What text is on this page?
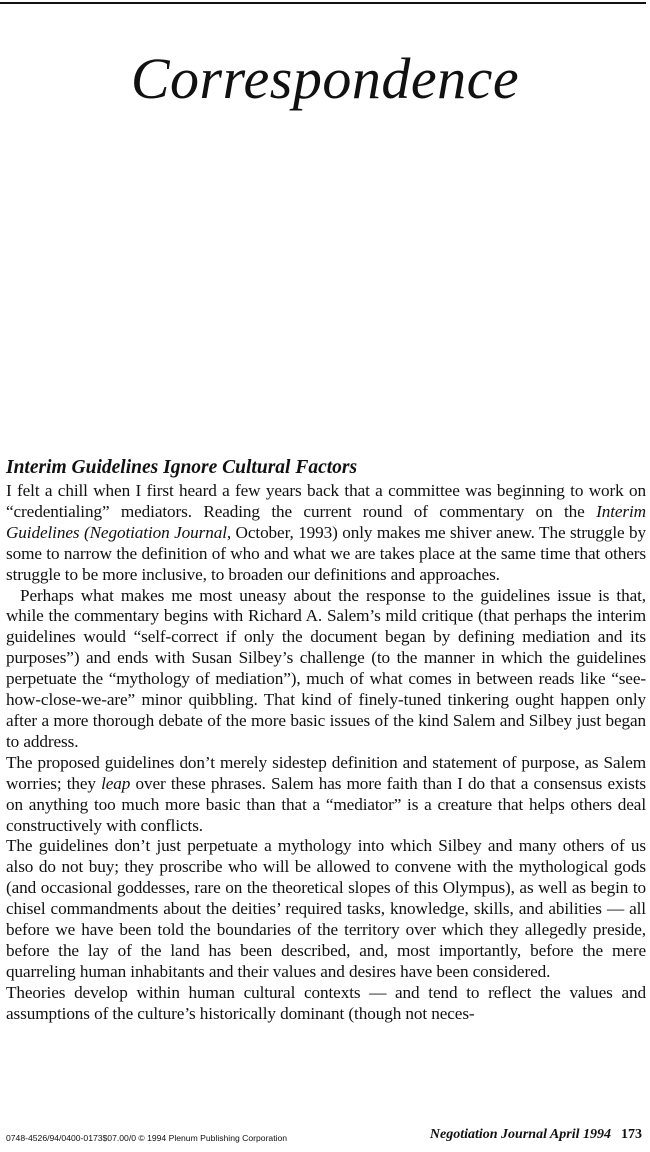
Correspondence
Interim Guidelines Ignore Cultural Factors

I felt a chill when I first heard a few years back that a committee was beginning to work on “credentialing” mediators. Reading the current round of commentary on the Interim Guidelines (Negotiation Journal, October, 1993) only makes me shiver anew. The struggle by some to narrow the definition of who and what we are takes place at the same time that others struggle to be more inclusive, to broaden our definitions and approaches.

Perhaps what makes me most uneasy about the response to the guidelines issue is that, while the commentary begins with Richard A. Salem’s mild critique (that perhaps the interim guidelines would “self-correct if only the document began by defining mediation and its purposes”) and ends with Susan Silbey’s challenge (to the manner in which the guidelines perpetuate the “mythology of mediation”), much of what comes in between reads like “see-how-close-we-are” minor quibbling. That kind of finely-tuned tinkering ought happen only after a more thorough debate of the more basic issues of the kind Salem and Silbey just began to address.

The proposed guidelines don’t merely sidestep definition and statement of purpose, as Salem worries; they leap over these phrases. Salem has more faith than I do that a consensus exists on anything too much more basic than that a “mediator” is a creature that helps others deal constructively with conflicts.

The guidelines don’t just perpetuate a mythology into which Silbey and many others of us also do not buy; they proscribe who will be allowed to convene with the mythological gods (and occasional goddesses, rare on the theoretical slopes of this Olympus), as well as begin to chisel commandments about the deities’ required tasks, knowledge, skills, and abilities — all before we have been told the boundaries of the territory over which they allegedly preside, before the lay of the land has been described, and, most importantly, before the mere quarreling human inhabitants and their values and desires have been considered.

Theories develop within human cultural contexts — and tend to reflect the values and assumptions of the culture’s historically dominant (though not neces-

0748-4526/94/0400-0173$07.00/0 © 1994 Plenum Publishing Corporation	Negotiation Journal April 1994 173
